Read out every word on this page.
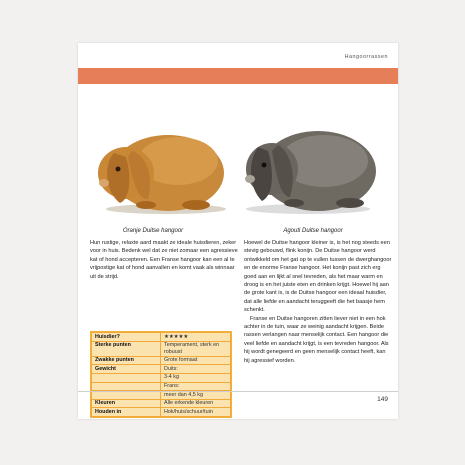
Hangoorrassen
Oranje Duitse hangoor	Agouti Duitse hangoor

Hun rustige, relaxte aard maakt ze ideale huisdieren, zeker voor in huis. Bedenk wel dat ze niet zomaar een agressieve kat of hond accepteren. Een Franse hangoor kan een al te vrijpostige kat of hond aanvallen en komt vaak als winnaar uit de strijd.

Hoewel de Duitse hangoor kleiner is, is het nog steeds een stevig gebouwd, flink konijn. De Duitse hangoor werd ontwikkeld om het gat op te vullen tussen de dwerghangoor en de enorme Franse hangoor. Het konijn past zich erg goed aan en lijkt al snel tevreden, als het maar warm en droog is en het juiste eten en drinken krijgt. Hoewel hij aan de grote kant is, is de Duitse hangoor een ideaal huisdier, dat alle liefde en aandacht teruggeeft die het baasje hem schenkt.

Franse en Duitse hangoren zitten liever niet in een hok achter in de tuin, waar ze weinig aandacht krijgen. Beide rassen verlangen naar menselijk contact. Een hangoor die veel liefde en aandacht krijgt, is een tevreden hangoor. Als hij wordt genegeerd en geen menselijk contact heeft, kan hij agressief worden.

Huisdier?	★★★★★
Sterke punten	Temperament, sterk en robuust
Zwakke punten	Grote formaat
Gewicht	Duits:
	3-4 kg
	Frans:
	meer dan 4,5 kg
Kleuren	Alle erkende kleuren
Houden in	Hok/huis/schuur/tuin
149
